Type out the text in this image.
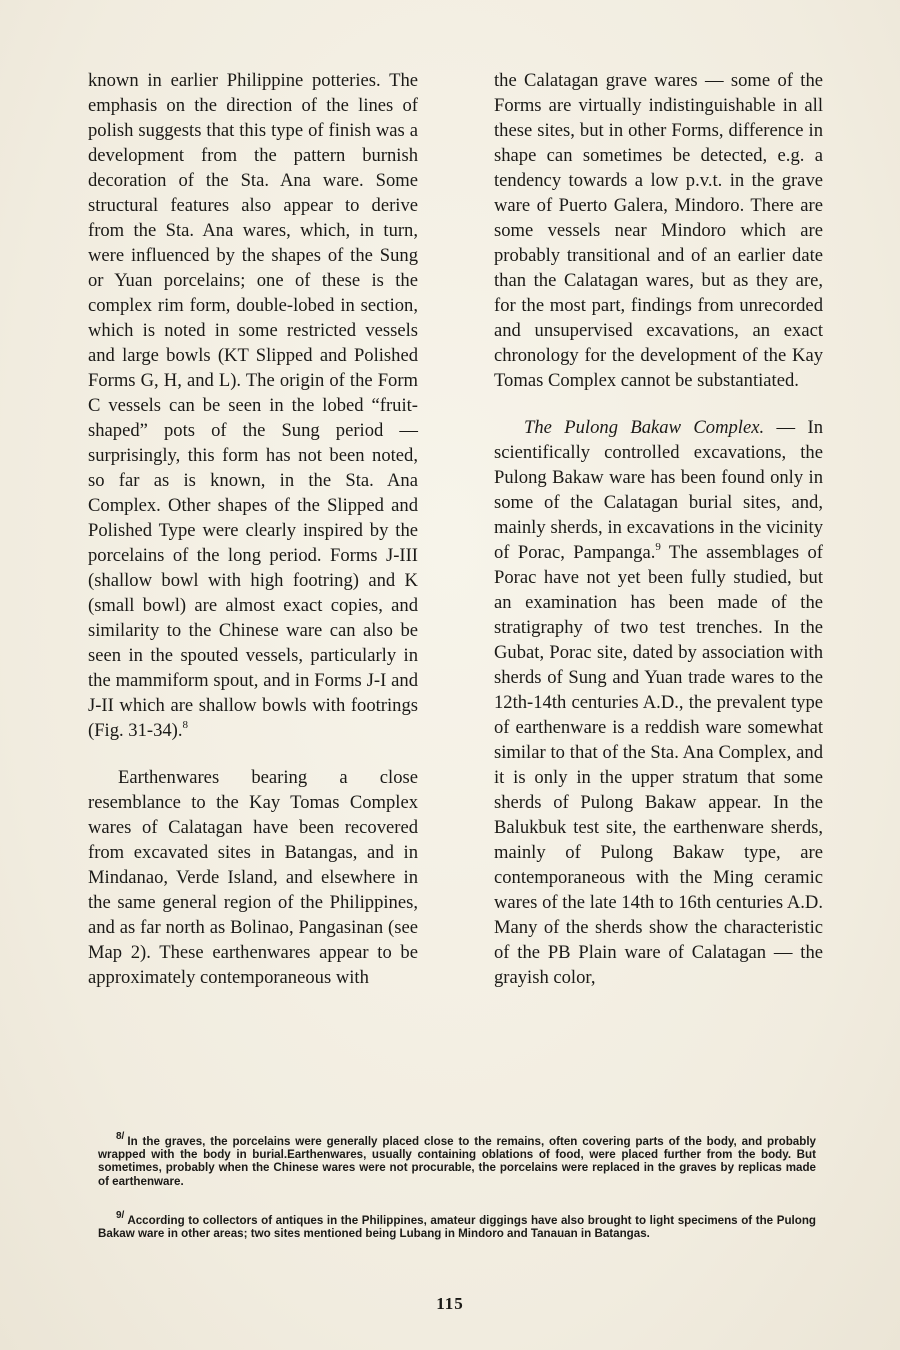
known in earlier Philippine potteries. The emphasis on the direction of the lines of polish suggests that this type of finish was a development from the pattern burnish decoration of the Sta. Ana ware. Some structural features also appear to derive from the Sta. Ana wares, which, in turn, were influenced by the shapes of the Sung or Yuan porcelains; one of these is the complex rim form, double-lobed in section, which is noted in some restricted vessels and large bowls (KT Slipped and Polished Forms G, H, and L). The origin of the Form C vessels can be seen in the lobed “fruit-shaped” pots of the Sung period — surprisingly, this form has not been noted, so far as is known, in the Sta. Ana Complex. Other shapes of the Slipped and Polished Type were clearly inspired by the porcelains of the long period. Forms J-III (shallow bowl with high footring) and K (small bowl) are almost exact copies, and similarity to the Chinese ware can also be seen in the spouted vessels, particularly in the mammiform spout, and in Forms J-I and J-II which are shallow bowls with footrings (Fig. 31-34).$^8$

Earthenwares bearing a close resemblance to the Kay Tomas Complex wares of Calatagan have been recovered from excavated sites in Batangas, and in Mindanao, Verde Island, and elsewhere in the same general region of the Philippines, and as far north as Bolinao, Pangasinan (see Map 2). These earthenwares appear to be approximately contemporaneous with

the Calatagan grave wares — some of the Forms are virtually indistinguishable in all these sites, but in other Forms, difference in shape can sometimes be detected, e.g. a tendency towards a low p.v.t. in the grave ware of Puerto Galera, Mindoro. There are some vessels near Mindoro which are probably transitional and of an earlier date than the Calatagan wares, but as they are, for the most part, findings from unrecorded and unsupervised excavations, an exact chronology for the development of the Kay Tomas Complex cannot be substantiated.

The Pulong Bakaw Complex. — In scientifically controlled excavations, the Pulong Bakaw ware has been found only in some of the Calatagan burial sites, and, mainly sherds, in excavations in the vicinity of Porac, Pampanga.$^9$ The assemblages of Porac have not yet been fully studied, but an examination has been made of the stratigraphy of two test trenches. In the Gubat, Porac site, dated by association with sherds of Sung and Yuan trade wares to the 12th-14th centuries A.D., the prevalent type of earthenware is a reddish ware somewhat similar to that of the Sta. Ana Complex, and it is only in the upper stratum that some sherds of Pulong Bakaw appear. In the Balukbuk test site, the earthenware sherds, mainly of Pulong Bakaw type, are contemporaneous with the Ming ceramic wares of the late 14th to 16th centuries A.D. Many of the sherds show the characteristic of the PB Plain ware of Calatagan — the grayish color,

8/ In the graves, the porcelains were generally placed close to the remains, often covering parts of the body, and probably wrapped with the body in burial.Earthenwares, usually containing oblations of food, were placed further from the body. But sometimes, probably when the Chinese wares were not procurable, the porcelains were replaced in the graves by replicas made of earthenware.

9/ According to collectors of antiques in the Philippines, amateur diggings have also brought to light specimens of the Pulong Bakaw ware in other areas; two sites mentioned being Lubang in Mindoro and Tanauan in Batangas.

115
